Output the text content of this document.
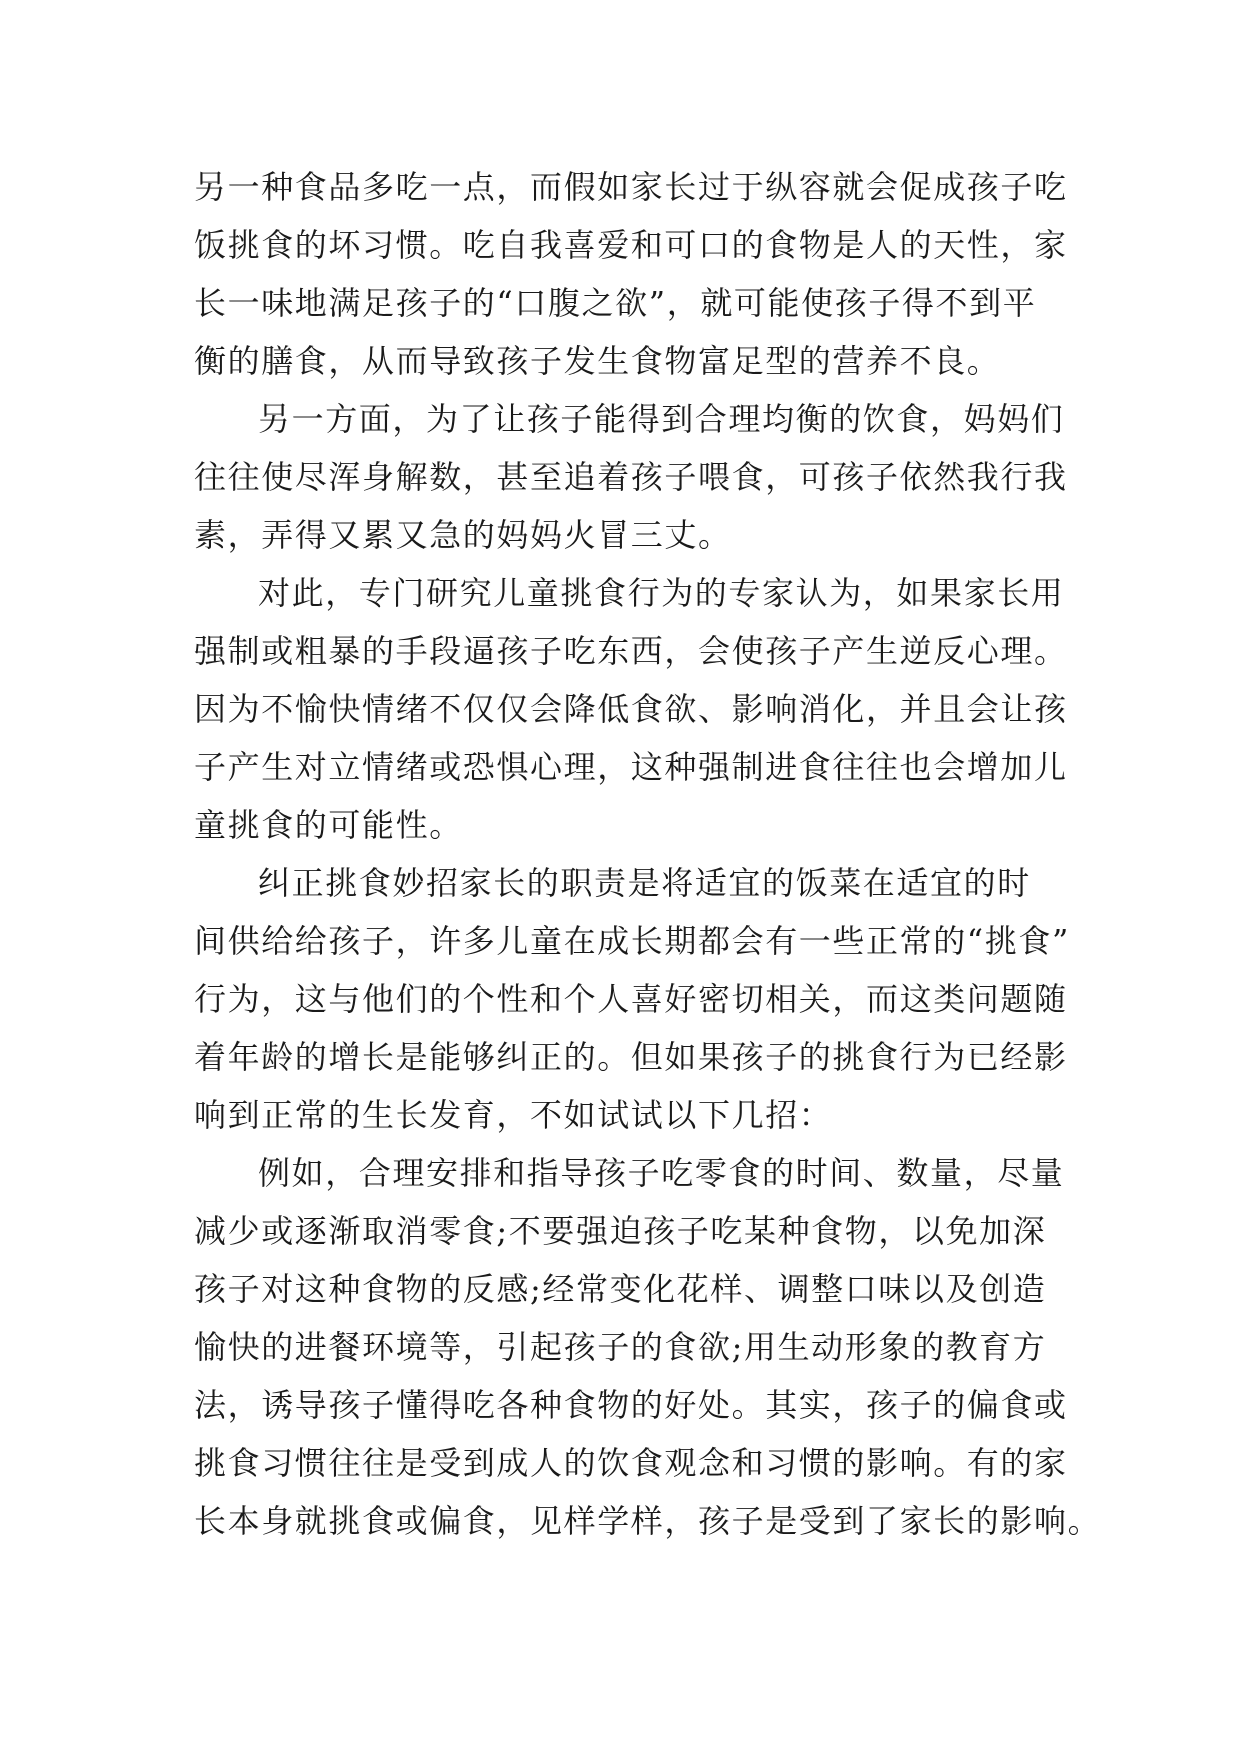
另一种食品多吃一点，而假如家长过于纵容就会促成孩子吃
饭挑食的坏习惯。吃自我喜爱和可口的食物是人的天性，家
长一味地满足孩子的“口腹之欲”，就可能使孩子得不到平
衡的膳食，从而导致孩子发生食物富足型的营养不良。
另一方面，为了让孩子能得到合理均衡的饮食，妈妈们
往往使尽浑身解数，甚至追着孩子喂食，可孩子依然我行我
素，弄得又累又急的妈妈火冒三丈。
对此，专门研究儿童挑食行为的专家认为，如果家长用
强制或粗暴的手段逼孩子吃东西，会使孩子产生逆反心理。
因为不愉快情绪不仅仅会降低食欲、影响消化，并且会让孩
子产生对立情绪或恐惧心理，这种强制进食往往也会增加儿
童挑食的可能性。
纠正挑食妙招家长的职责是将适宜的饭菜在适宜的时
间供给给孩子，许多儿童在成长期都会有一些正常的“挑食”
行为，这与他们的个性和个人喜好密切相关，而这类问题随
着年龄的增长是能够纠正的。但如果孩子的挑食行为已经影
响到正常的生长发育，不如试试以下几招：
例如，合理安排和指导孩子吃零食的时间、数量，尽量
减少或逐渐取消零食;不要强迫孩子吃某种食物，以免加深
孩子对这种食物的反感;经常变化花样、调整口味以及创造
愉快的进餐环境等，引起孩子的食欲;用生动形象的教育方
法，诱导孩子懂得吃各种食物的好处。其实，孩子的偏食或
挑食习惯往往是受到成人的饮食观念和习惯的影响。有的家
长本身就挑食或偏食，见样学样，孩子是受到了家长的影响。
